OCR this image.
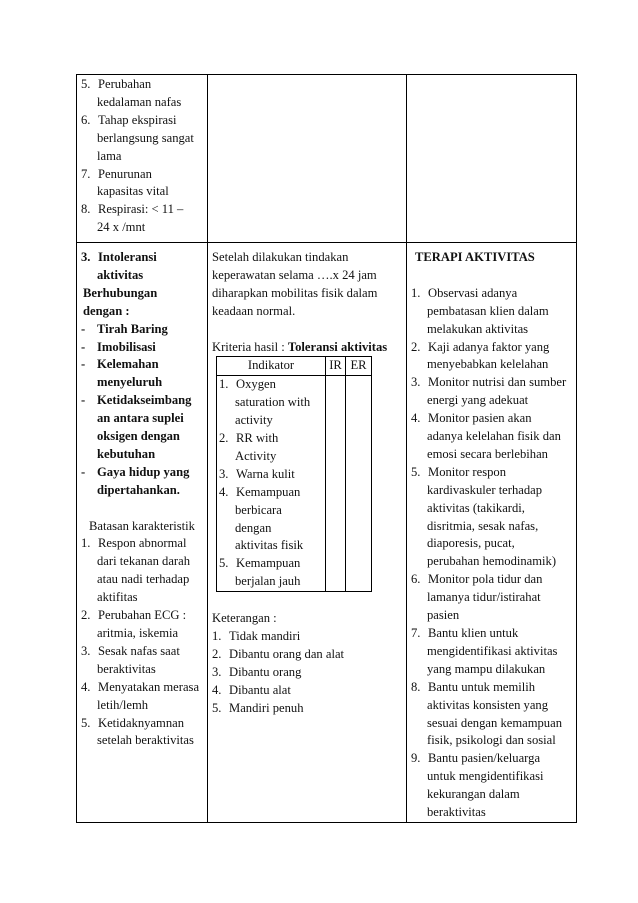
5. Perubahan
kedalaman nafas
6. Tahap ekspirasi
berlangsung sangat
lama
7. Penurunan
kapasitas vital
8. Respirasi: < 11 –
24 x /mnt

3. Intoleransi
aktivitas
Berhubungan
dengan :
- Tirah Baring
- Imobilisasi
- Kelemahan
menyeluruh
- Ketidakseimbang
an antara suplei
oksigen dengan
kebutuhan
- Gaya hidup yang
dipertahankan.
Batasan karakteristik
1. Respon abnormal
dari tekanan darah
atau nadi terhadap
aktifitas
2. Perubahan ECG :
aritmia, iskemia
3. Sesak nafas saat
beraktivitas
4. Menyatakan merasa
letih/lemh
5. Ketidaknyamnan
setelah beraktivitas

Setelah dilakukan tindakan
keperawatan selama ….x 24 jam
diharapkan mobilitas fisik dalam
keadaan normal.
Kriteria hasil : Toleransi aktivitas
Indikator	IR	ER

1. Oxygen
saturation with
activity
2. RR with
Activity
3. Warna kulit
4. Kemampuan
berbicara
dengan
aktivitas fisik
5. Kemampuan
berjalan jauh

Keterangan :
1. Tidak mandiri
2. Dibantu orang dan alat
3. Dibantu orang
4. Dibantu alat
5. Mandiri penuh

TERAPI AKTIVITAS
1. Observasi adanya
pembatasan klien dalam
melakukan aktivitas
2. Kaji adanya faktor yang
menyebabkan kelelahan
3. Monitor nutrisi dan sumber
energi yang adekuat
4. Monitor pasien akan
adanya kelelahan fisik dan
emosi secara berlebihan
5. Monitor respon
kardivaskuler terhadap
aktivitas (takikardi,
disritmia, sesak nafas,
diaporesis, pucat,
perubahan hemodinamik)
6. Monitor pola tidur dan
lamanya tidur/istirahat
pasien
7. Bantu klien untuk
mengidentifikasi aktivitas
yang mampu dilakukan
8. Bantu untuk memilih
aktivitas konsisten yang
sesuai dengan kemampuan
fisik, psikologi dan sosial
9. Bantu pasien/keluarga
untuk mengidentifikasi
kekurangan dalam
beraktivitas
